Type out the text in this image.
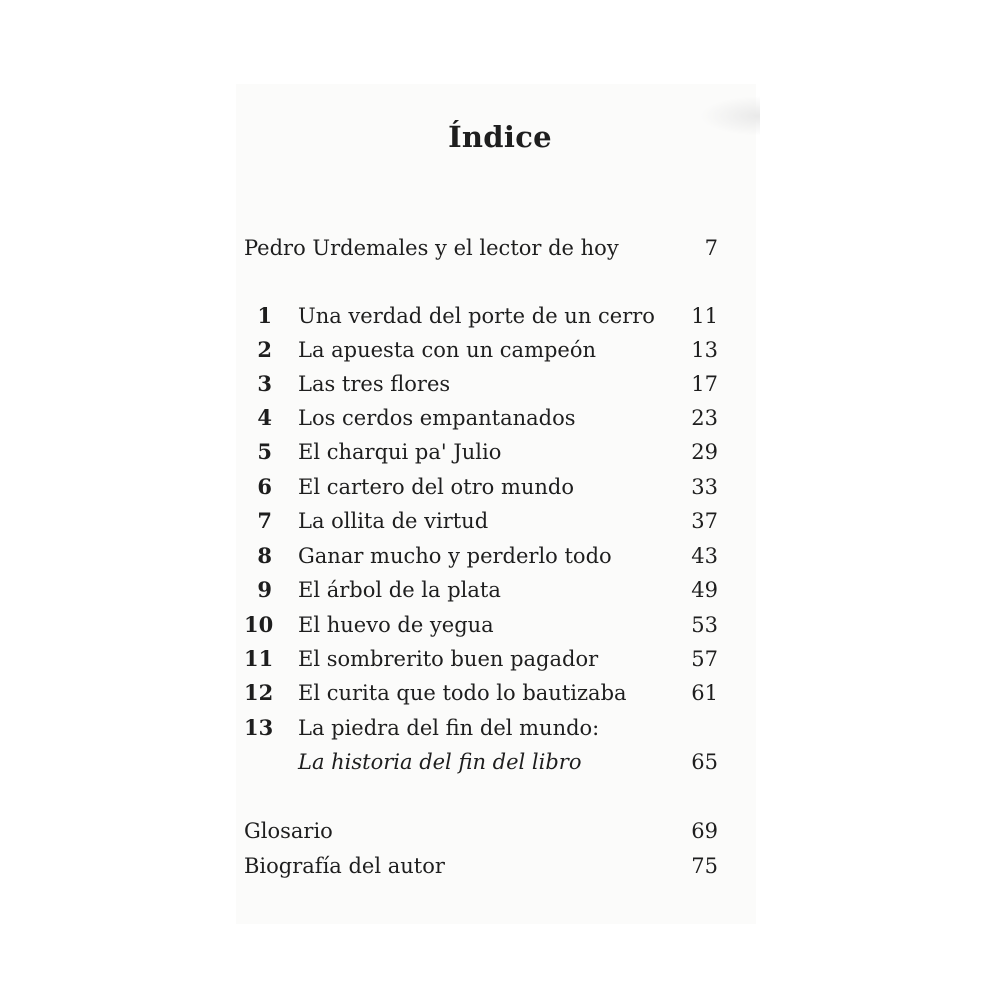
Índice
Pedro Urdemales y el lector de hoy	7
1 Una verdad del porte de un cerro 11
2 La apuesta con un campeón	13
3 Las tres flores	17
4 Los cerdos empantanados	23
5 El charqui pa' Julio	29
6 El cartero del otro mundo	33
7 La ollita de virtud	37
8 Ganar mucho y perderlo todo	43
9 El árbol de la plata	49
10 El huevo de yegua	53
11 El sombrerito buen pagador	57
12 El curita que todo lo bautizaba	61
13 La piedra del fin del mundo:
La historia del fin del libro	65
Glosario	69
Biografía del autor	75
